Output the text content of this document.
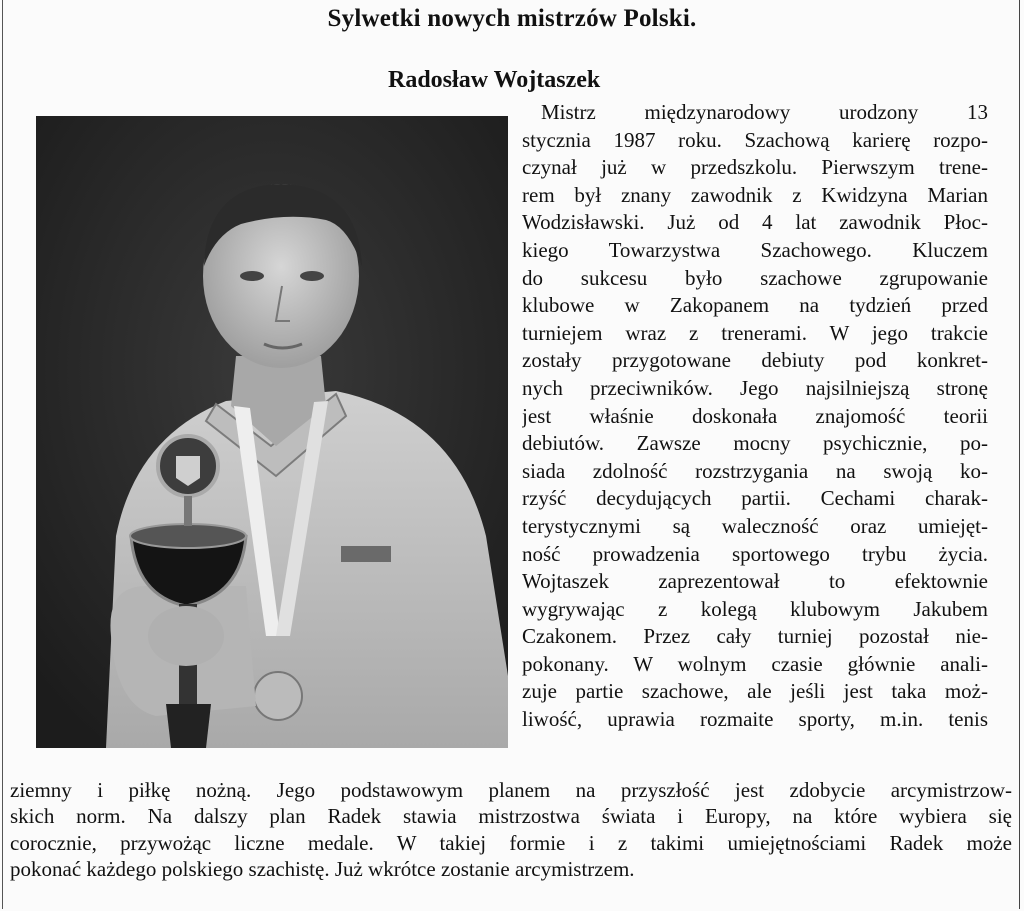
Sylwetki nowych mistrzów Polski.
Radosław Wojtaszek
Mistrz międzynarodowy urodzony 13
stycznia 1987 roku. Szachową karierę rozpo-
czynał już w przedszkolu. Pierwszym trene-
rem był znany zawodnik z Kwidzyna Marian
Wodzisławski. Już od 4 lat zawodnik Płoc-
kiego Towarzystwa Szachowego. Kluczem
do sukcesu było szachowe zgrupowanie
klubowe w Zakopanem na tydzień przed
turniejem wraz z trenerami. W jego trakcie
zostały przygotowane debiuty pod konkret-
nych przeciwników. Jego najsilniejszą stronę
jest właśnie doskonała znajomość teorii
debiutów. Zawsze mocny psychicznie, po-
siada zdolność rozstrzygania na swoją ko-
rzyść decydujących partii. Cechami charak-
terystycznymi są waleczność oraz umiejęt-
ność prowadzenia sportowego trybu życia.
Wojtaszek zaprezentował to efektownie
wygrywając z kolegą klubowym Jakubem
Czakonem. Przez cały turniej pozostał nie-
pokonany. W wolnym czasie głównie anali-
zuje partie szachowe, ale jeśli jest taka moż-
liwość, uprawia rozmaite sporty, m.in. tenis
ziemny i piłkę nożną. Jego podstawowym planem na przyszłość jest zdobycie arcymistrzow-
skich norm. Na dalszy plan Radek stawia mistrzostwa świata i Europy, na które wybiera się
corocznie, przywożąc liczne medale. W takiej formie i z takimi umiejętnościami Radek może
pokonać każdego polskiego szachistę. Już wkrótce zostanie arcymistrzem.
